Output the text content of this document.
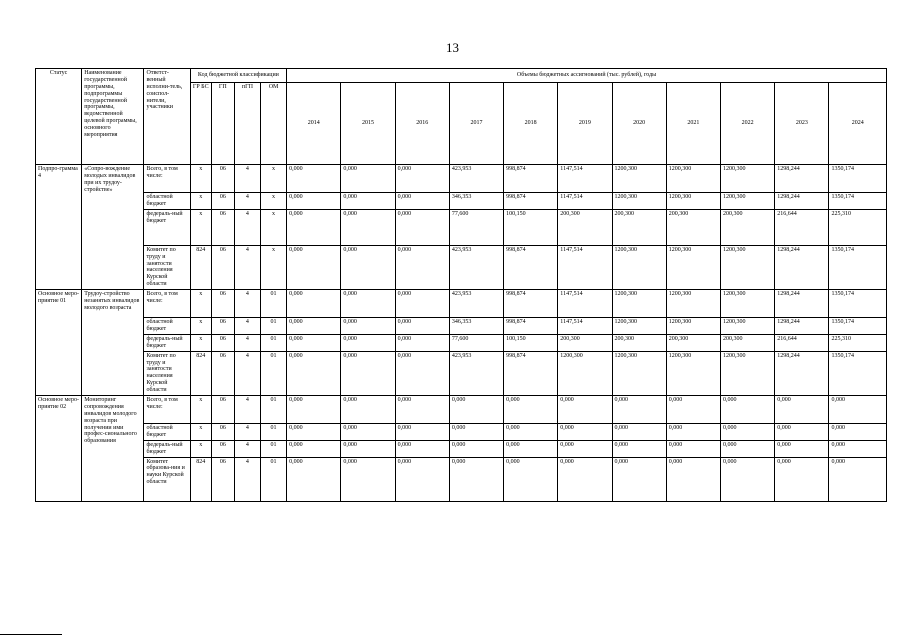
13
Статус	Наименование государственной программы, подпрограммы государственной программы, ведомственной целевой программы, основного мероприятия	Ответст-венный исполни-тель, соиспол-нители, участники	Код бюджетной классификации				Объемы бюджетных ассигнований (тыс. рублей), годы										
			ГР БС	ГП	пГП	ОМ	2014	2015	2016	2017	2018	2019	2020	2021	2022	2023	2024
Подпро-грамма 4	«Сопро-вождение молодых инвалидов при их трудоу-стройстве»	Всего, в том числе:	х	06	4	х	0,000	0,000	0,000	423,953	998,874	1147,514	1200,300	1200,300	1200,300	1298,244	1350,174
		областной бюджет	х	06	4	х	0,000	0,000	0,000	346,353	998,874	1147,514	1200,300	1200,300	1200,300	1298,244	1350,174
		федераль-ный бюджет	х	06	4	х	0,000	0,000	0,000	77,600	100,150	200,300	200,300	200,300	200,300	216,644	225,310
		Комитет по труду и занятости населения Курской области	824	06	4	х	0,000	0,000	0,000	423,953	998,874	1147,514	1200,300	1200,300	1200,300	1298,244	1350,174
Основное меро-приятие 01	Трудоу-стройство незанятых инвалидов молодого возраста	Всего, в том числе:	х	06	4	01	0,000	0,000	0,000	423,953	998,874	1147,514	1200,300	1200,300	1200,300	1298,244	1350,174
		областной бюджет	х	06	4	01	0,000	0,000	0,000	346,353	998,874	1147,514	1200,300	1200,300	1200,300	1298,244	1350,174
		федераль-ный бюджет	х	06	4	01	0,000	0,000	0,000	77,600	100,150	200,300	200,300	200,300	200,300	216,644	225,310
		Комитет по труду и занятости населения Курской области	824	06	4	01	0,000	0,000	0,000	423,953	998,874	1200,300	1200,300	1200,300	1200,300	1298,244	1350,174
Основное меро-приятие 02	Мониторинг сопровождения инвалидов молодого возраста при получении ими профес-сионального образования	Всего, в том числе:	х	06	4	01	0,000	0,000	0,000	0,000	0,000	0,000	0,000	0,000	0,000	0,000	0,000
		областной бюджет	х	06	4	01	0,000	0,000	0,000	0,000	0,000	0,000	0,000	0,000	0,000	0,000	0,000
		федераль-ный бюджет	х	06	4	01	0,000	0,000	0,000	0,000	0,000	0,000	0,000	0,000	0,000	0,000	0,000
		Комитет образова-ния и науки Курской области	824	06	4	01	0,000	0,000	0,000	0,000	0,000	0,000	0,000	0,000	0,000	0,000	0,000
